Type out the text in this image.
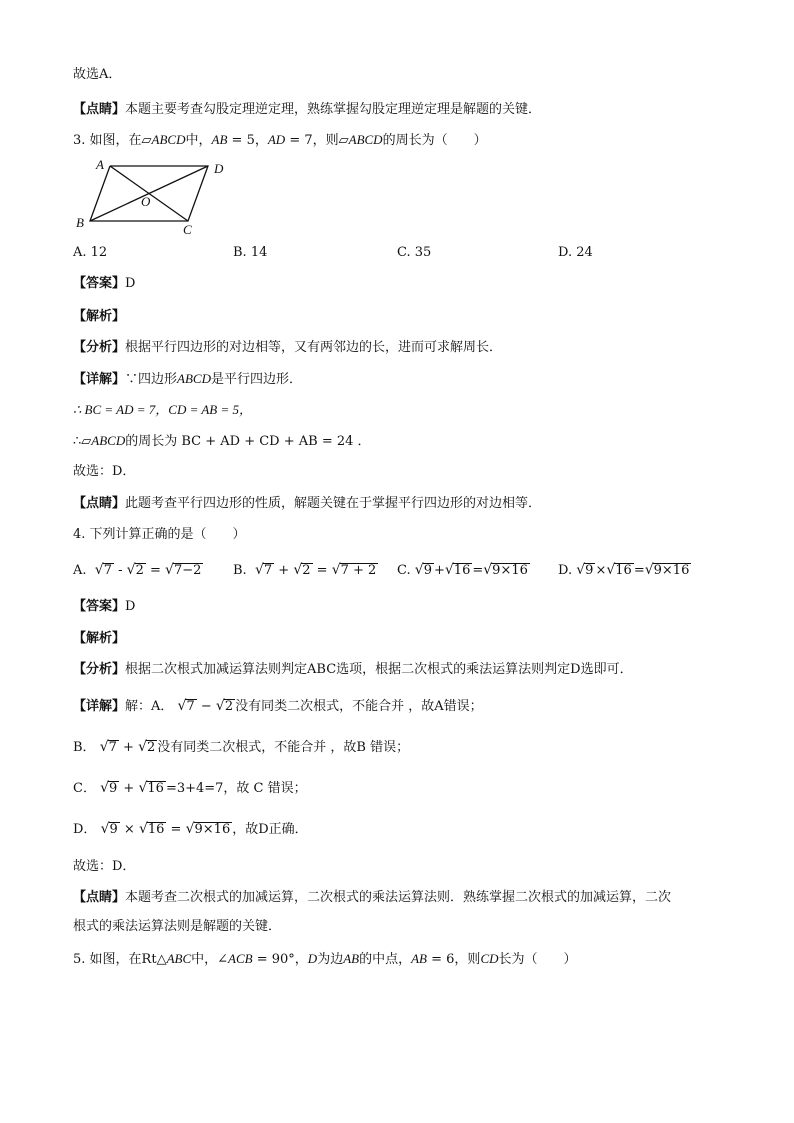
故选A．
【点睛】本题主要考查勾股定理逆定理，熟练掌握勾股定理逆定理是解题的关键．
3. 如图，在▱ABCD中，AB = 5，AD = 7，则▱ABCD的周长为（　　）
A	D
O
B	C
A. 12	B. 14	C. 35	D. 24
【答案】D
【解析】
【分析】根据平行四边形的对边相等，又有两邻边的长，进而可求解周长．
【详解】∵四边形ABCD是平行四边形．
∴ BC = AD = 7，CD = AB = 5，
∴▱ABCD的周长为 BC + AD + CD + AB = 24 ．
故选：D．
【点睛】此题考查平行四边形的性质，解题关键在于掌握平行四边形的对边相等．
4. 下列计算正确的是（　　）
A. √7 - √2 = √7−2 B. √7 + √2 = √7 + 2 C. √9 +√16 =√9×16 D. √9 ×√16 =√9×16
【答案】D
【解析】
【分析】根据二次根式加减运算法则判定ABC选项，根据二次根式的乘法运算法则判定D选即可．
【详解】解：A． √7 − √2 没有同类二次根式，不能合并 ，故A错误；
B． √7 + √2 没有同类二次根式，不能合并 ，故B 错误；
C． √9 + √16 =3+4=7，故 C 错误；
D． √9 × √16 = √9×16 ，故D正确．
故选：D．
【点睛】本题考查二次根式的加减运算，二次根式的乘法运算法则．熟练掌握二次根式的加减运算，二次
根式的乘法运算法则是解题的关键．
5. 如图，在Rt△ABC中，∠ACB = 90°，D为边AB的中点，AB = 6，则CD长为（　　）
